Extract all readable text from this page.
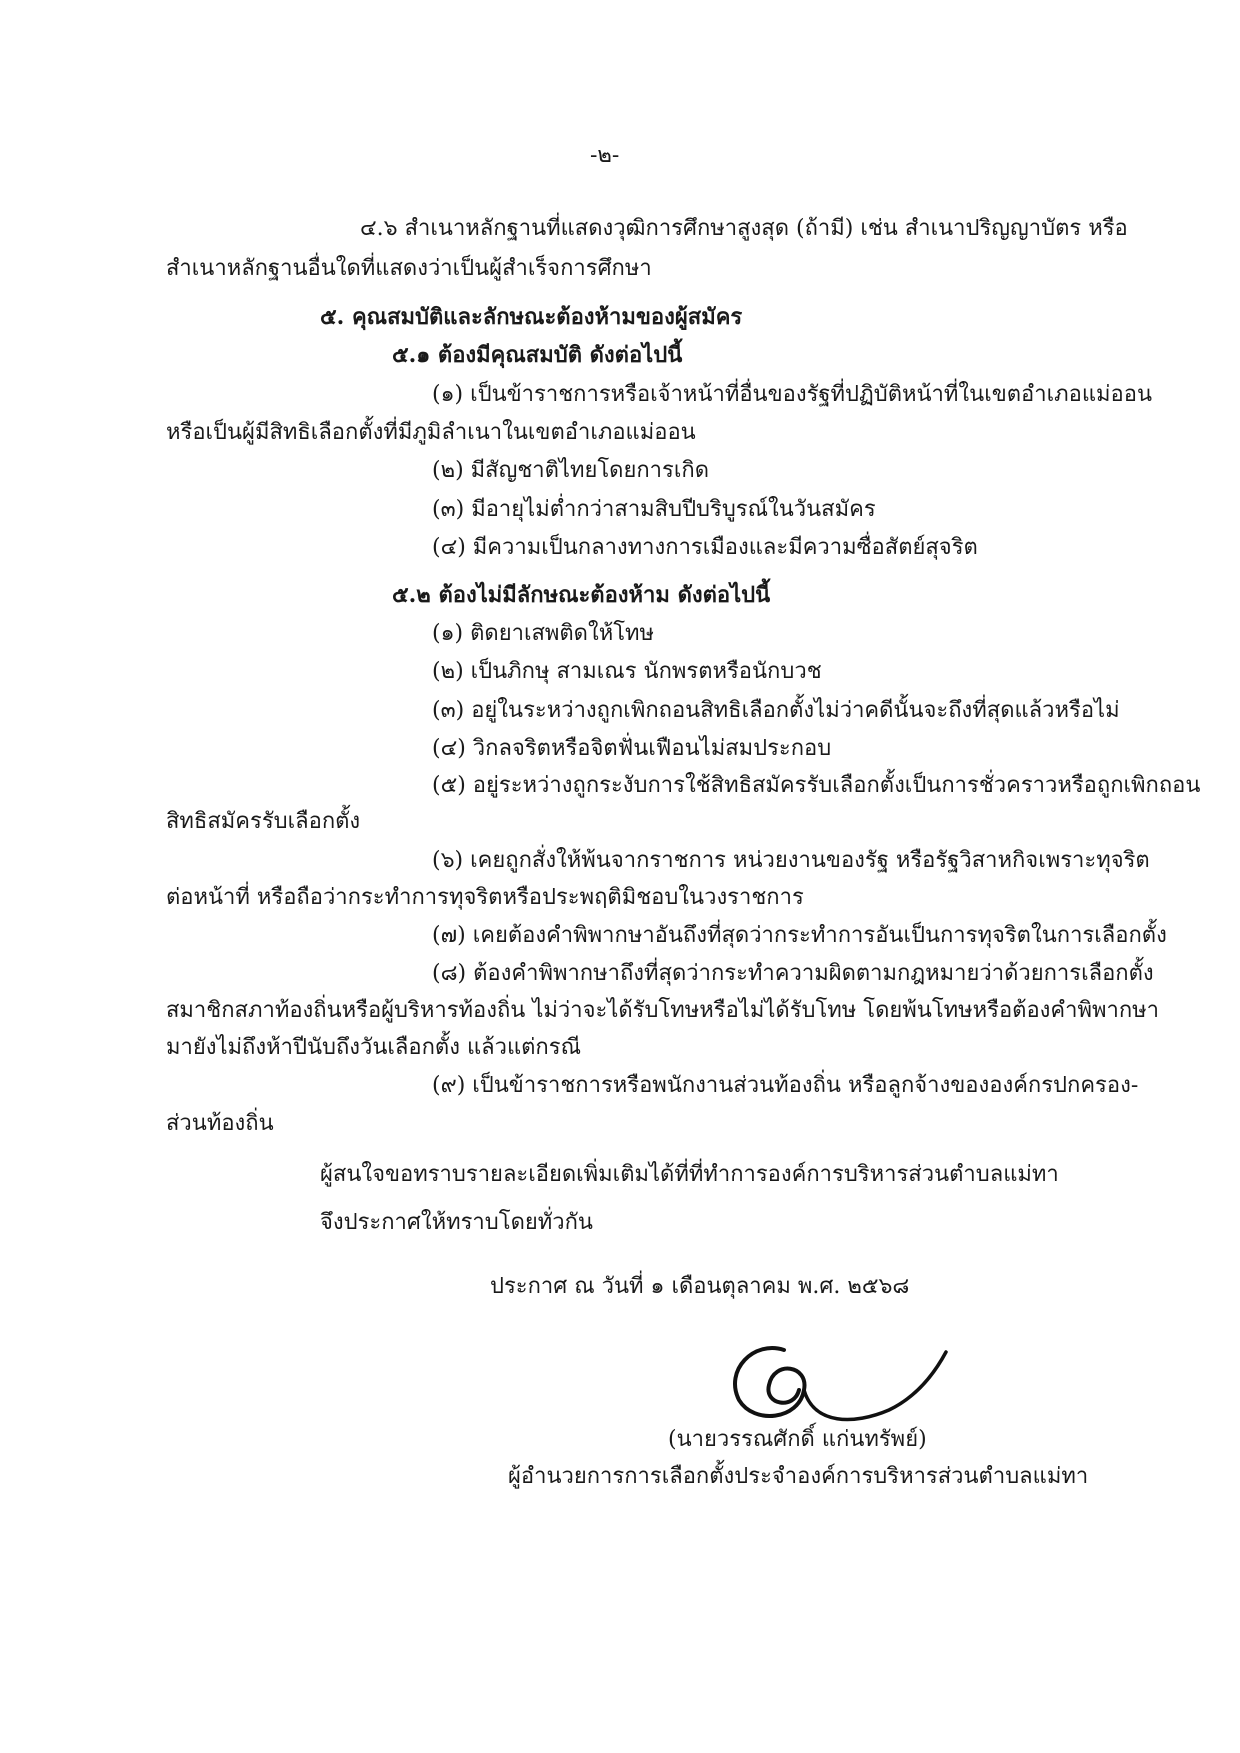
-๒-
๔.๖ สำเนาหลักฐานที่แสดงวุฒิการศึกษาสูงสุด (ถ้ามี) เช่น สำเนาปริญญาบัตร หรือ
สำเนาหลักฐานอื่นใดที่แสดงว่าเป็นผู้สำเร็จการศึกษา
๕. คุณสมบัติและลักษณะต้องห้ามของผู้สมัคร
๕.๑ ต้องมีคุณสมบัติ ดังต่อไปนี้
(๑) เป็นข้าราชการหรือเจ้าหน้าที่อื่นของรัฐที่ปฏิบัติหน้าที่ในเขตอำเภอแม่ออน
หรือเป็นผู้มีสิทธิเลือกตั้งที่มีภูมิลำเนาในเขตอำเภอแม่ออน
(๒) มีสัญชาติไทยโดยการเกิด
(๓) มีอายุไม่ต่ำกว่าสามสิบปีบริบูรณ์ในวันสมัคร
(๔) มีความเป็นกลางทางการเมืองและมีความซื่อสัตย์สุจริต
๕.๒ ต้องไม่มีลักษณะต้องห้าม ดังต่อไปนี้
(๑) ติดยาเสพติดให้โทษ
(๒) เป็นภิกษุ สามเณร นักพรตหรือนักบวช
(๓) อยู่ในระหว่างถูกเพิกถอนสิทธิเลือกตั้งไม่ว่าคดีนั้นจะถึงที่สุดแล้วหรือไม่
(๔) วิกลจริตหรือจิตฟั่นเฟือนไม่สมประกอบ
(๕) อยู่ระหว่างถูกระงับการใช้สิทธิสมัครรับเลือกตั้งเป็นการชั่วคราวหรือถูกเพิกถอน
สิทธิสมัครรับเลือกตั้ง
(๖) เคยถูกสั่งให้พ้นจากราชการ หน่วยงานของรัฐ หรือรัฐวิสาหกิจเพราะทุจริต
ต่อหน้าที่ หรือถือว่ากระทำการทุจริตหรือประพฤติมิชอบในวงราชการ
(๗) เคยต้องคำพิพากษาอันถึงที่สุดว่ากระทำการอันเป็นการทุจริตในการเลือกตั้ง
(๘) ต้องคำพิพากษาถึงที่สุดว่ากระทำความผิดตามกฎหมายว่าด้วยการเลือกตั้ง
สมาชิกสภาท้องถิ่นหรือผู้บริหารท้องถิ่น ไม่ว่าจะได้รับโทษหรือไม่ได้รับโทษ โดยพ้นโทษหรือต้องคำพิพากษา
มายังไม่ถึงห้าปีนับถึงวันเลือกตั้ง แล้วแต่กรณี
(๙) เป็นข้าราชการหรือพนักงานส่วนท้องถิ่น หรือลูกจ้างขององค์กรปกครอง-
ส่วนท้องถิ่น
ผู้สนใจขอทราบรายละเอียดเพิ่มเติมได้ที่ที่ทำการองค์การบริหารส่วนตำบลแม่ทา
จึงประกาศให้ทราบโดยทั่วกัน
ประกาศ ณ วันที่ ๑ เดือนตุลาคม พ.ศ. ๒๕๖๘
(นายวรรณศักดิ์ แก่นทรัพย์)
ผู้อำนวยการการเลือกตั้งประจำองค์การบริหารส่วนตำบลแม่ทา
